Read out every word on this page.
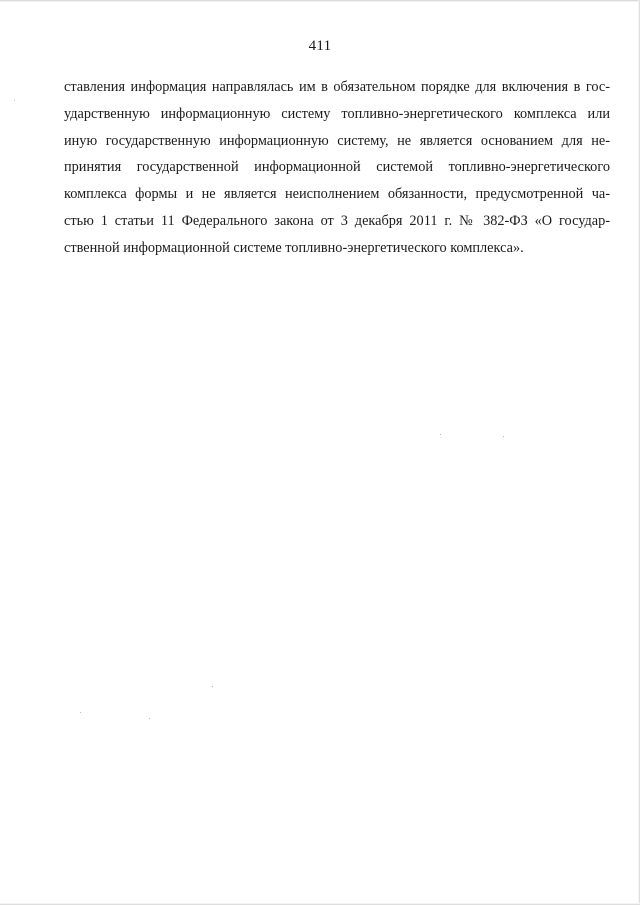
411

ставления информация направлялась им в обязательном порядке для включения в гос-
ударственную информационную систему топливно-энергетического комплекса или
иную государственную информационную систему, не является основанием для не-
принятия государственной информационной системой топливно-энергетического
комплекса формы и не является неисполнением обязанности, предусмотренной ча-
стью 1 статьи 11 Федерального закона от 3 декабря 2011 г. № 382-ФЗ «О государ-
ственной информационной системе топливно-энергетического комплекса».
